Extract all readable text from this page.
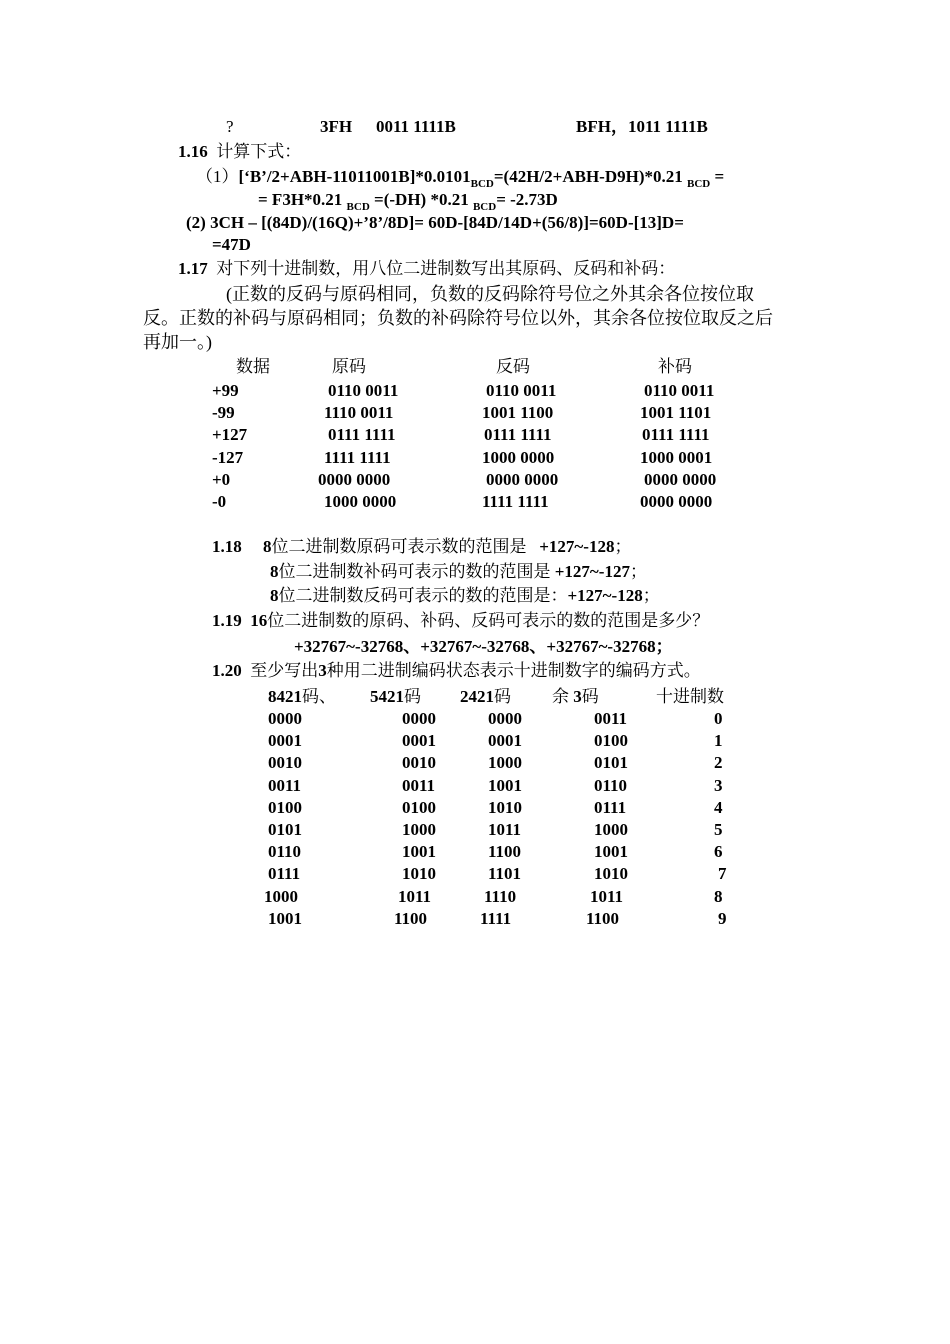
?	3FH 0011 1111B	BFH，1011 1111B
1.16 计算下式：
$(1)[‘B’/2+ABH-11011001B]*0.0101_{BCD}=(42H/2+ABH-D9H)*0.21$ $_{BCD}$ =
= F3H*0.21 $_{BCD}$ =(-DH) *0.21 $_{BCD}$= -2.73D
(2) 3CH – [(84D)/(16Q)+’8’/8D]= 60D-[84D/14D+(56/8)]=60D-[13]D=
=47D
1.17 对下列十进制数，用八位二进制数写出其原码、反码和补码：
(正数的反码与原码相同，负数的反码除符号位之外其余各位按位取
反。正数的补码与原码相同；负数的补码除符号位以外，其余各位按位取反之后
再加一。)
数据	原码	反码	补码
+99	0110 0011	0110 0011	0110 0011
-99	1110 0011	1001 1100	1001 1101
+127	0111 1111	0111 1111	0111 1111
-127	1111 1111	1000 0000	1000 0001
+0	0000 0000	0000 0000	0000 0000
-0	1000 0000	1111 1111	0000 0000
1.18 8位二进制数原码可表示数的范围是 +127~-128；
8位二进制数补码可表示的数的范围是 +127~-127；
8位二进制数反码可表示的数的范围是：+127~-128；
1.19 16位二进制数的原码、补码、反码可表示的数的范围是多少？
+32767~-32768、+32767~-32768、+32767~-32768；
1.20 至少写出3种用二进制编码状态表示十进制数字的编码方式。
8421码、 5421码 2421码 余 3码	十进制数
0000	0000	0000	0011	0
0001	0001	0001	0100	1
0010	0010	1000	0101	2
0011	0011	1001	0110	3
0100	0100	1010	0111	4
0101	1000	1011	1000	5
0110	1001	1100	1001	6
0111	1010	1101	1010	7
1000	1011	1110	1011	8
1001	1100	1111	1100	9
